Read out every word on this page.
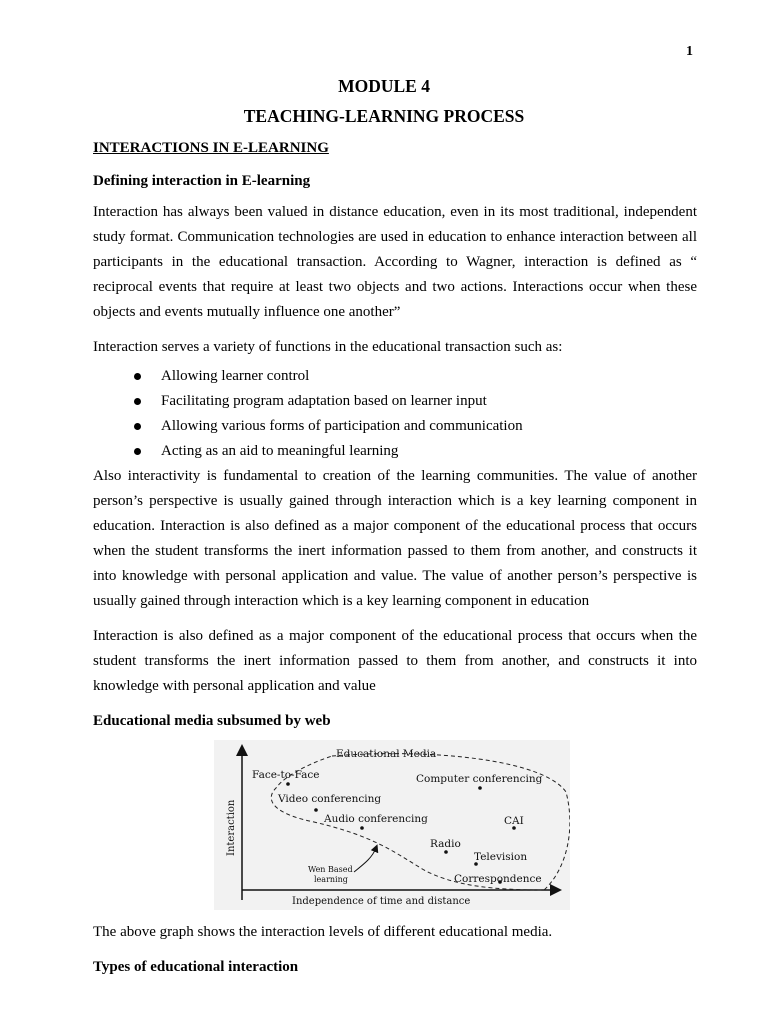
1
MODULE 4
TEACHING-LEARNING PROCESS
INTERACTIONS IN E-LEARNING
Defining interaction in E-learning

Interaction has always been valued in distance education, even in its most traditional, independent study format. Communication technologies are used in education to enhance interaction between all participants in the educational transaction. According to Wagner, interaction is defined as “ reciprocal events that require at least two objects and two actions. Interactions occur when these objects and events mutually influence one another”

Interaction serves a variety of functions in the educational transaction such as:

Allowing learner control
Facilitating program adaptation based on learner input
Allowing various forms of participation and communication
Acting as an aid to meaningful learning

Also interactivity is fundamental to creation of the learning communities. The value of another person’s perspective is usually gained through interaction which is a key learning component in education. Interaction is also defined as a major component of the educational process that occurs when the student transforms the inert information passed to them from another, and constructs it into knowledge with personal application and value. The value of another person’s perspective is usually gained through interaction which is a key learning component in education

Interaction is also defined as a major component of the educational process that occurs when the student transforms the inert information passed to them from another, and constructs it into knowledge with personal application and value

Educational media subsumed by web
Educational Media
Face-to-Face	Computer conferencing
Video conferencing
Audio conferencing	CAI
Radio
Television
Correspondence
Wen Based
learning
Independence of time and distance
Interaction

The above graph shows the interaction levels of different educational media.

Types of educational interaction
